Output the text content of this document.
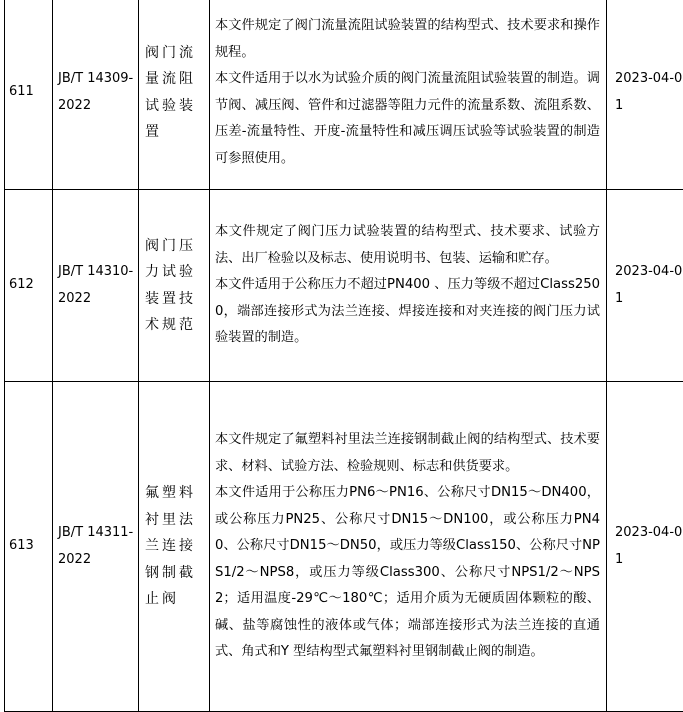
611	JB/T 14309-2022	阀门流量流阻试验装置	本文件规定了阀门流量流阻试验装置的结构型式、技术要求和操作规程。
本文件适用于以水为试验介质的阀门流量流阻试验装置的制造。调节阀、减压阀、管件和过滤器等阻力元件的流量系数、流阻系数、压差-流量特性、开度-流量特性和减压调压试验等试验装置的制造可参照使用。	2023-04-01
612	JB/T 14310-2022	阀门压力试验装置技术规范	本文件规定了阀门压力试验装置的结构型式、技术要求、试验方法、出厂检验以及标志、使用说明书、包装、运输和贮存。
本文件适用于公称压力不超过PN400 、压力等级不超过Class2500，端部连接形式为法兰连接、焊接连接和对夹连接的阀门压力试验装置的制造。	2023-04-01
613	JB/T 14311-2022	氟塑料衬里法兰连接钢制截止阀	本文件规定了氟塑料衬里法兰连接钢制截止阀的结构型式、技术要求、材料、试验方法、检验规则、标志和供货要求。
本文件适用于公称压力PN6～PN16、公称尺寸DN15～DN400，或公称压力PN25、公称尺寸DN15～DN100，或公称压力PN40、公称尺寸DN15～DN50，或压力等级Class150、公称尺寸NPS1/2～NPS8，或压力等级Class300、公称尺寸NPS1/2～NPS2；适用温度-29℃～180℃；适用介质为无硬质固体颗粒的酸、碱、盐等腐蚀性的液体或气体；端部连接形式为法兰连接的直通式、角式和Y 型结构型式氟塑料衬里钢制截止阀的制造。	2023-04-01
